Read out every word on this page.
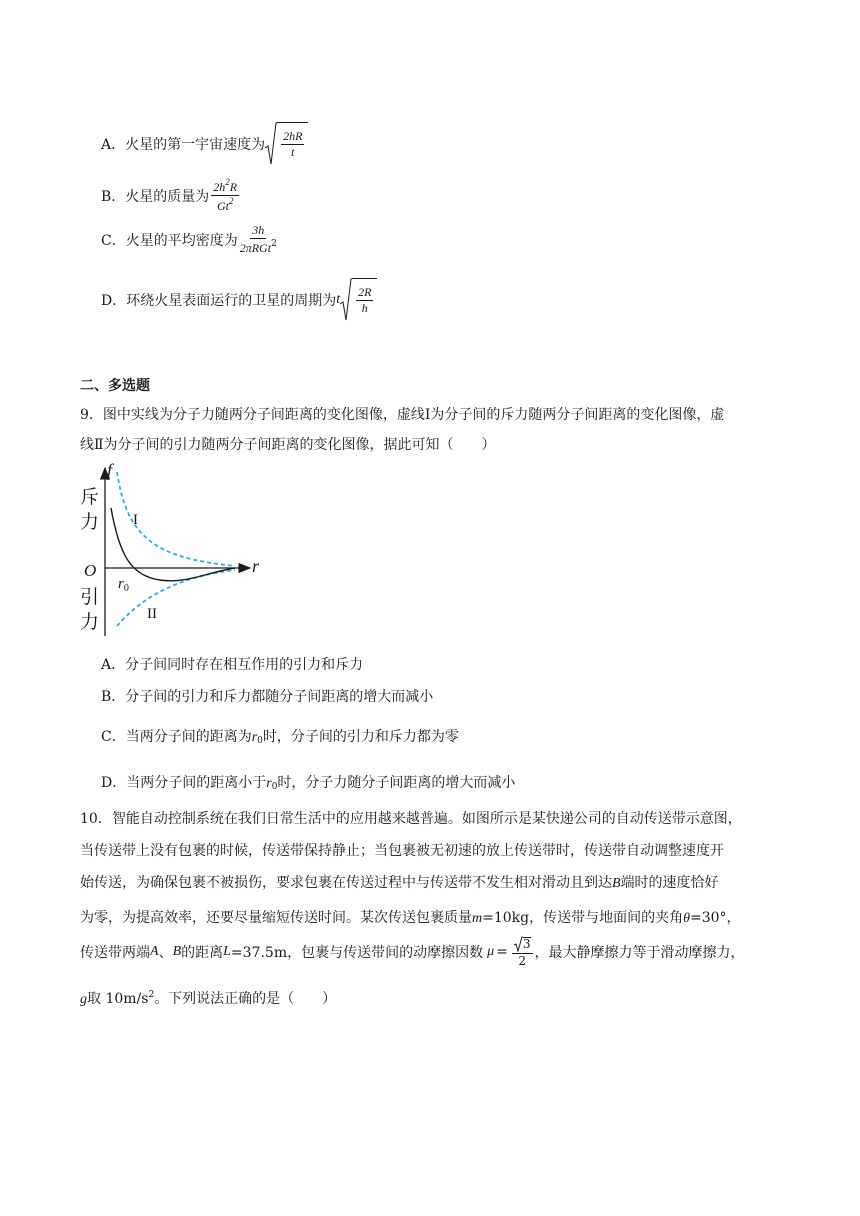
A．火星的第一宇宙速度为 $\frac{2hR}{t}$
B．火星的质量为 $\frac{2h^2R}{Gt^2}$
C．火星的平均密度为 $\frac{3h}{2\pi RGt^2}$
D．环绕火星表面运行的卫星的周期为 t $\frac{2R}{h}$
二、多选题
9．图中实线为分子力随两分子间距离的变化图像，虚线Ⅰ为分子间的斥力随两分子间距离的变化图像，虚
线Ⅱ为分子间的引力随两分子间距离的变化图像，据此可知（　　）
f
r
O
$r_0$
斥
力
引
力
I
II
A．分子间同时存在相互作用的引力和斥力
B．分子间的引力和斥力都随分子间距离的增大而减小
C．当两分子间的距离为$r_0$时，分子间的引力和斥力都为零
D．当两分子间的距离小于$r_0$时，分子力随分子间距离的增大而减小
10．智能自动控制系统在我们日常生活中的应用越来越普遍。如图所示是某快递公司的自动传送带示意图，
当传送带上没有包裹的时候，传送带保持静止；当包裹被无初速的放上传送带时，传送带自动调整速度开
始传送，为确保包裹不被损伤，要求包裹在传送过程中与传送带不发生相对滑动且到达B端时的速度恰好
为零，为提高效率，还要尽量缩短传送时间。某次传送包裹质量m=10kg，传送带与地面间的夹角θ=30°，
传送带两端 A 、 B 的距离 L =37.5m，包裹与传送带间的动摩擦因数 $\mu = \frac{3}{2}$ ，最大静摩擦力等于滑动摩擦力，
g取 $10m/s^2$。下列说法正确的是（　　）
